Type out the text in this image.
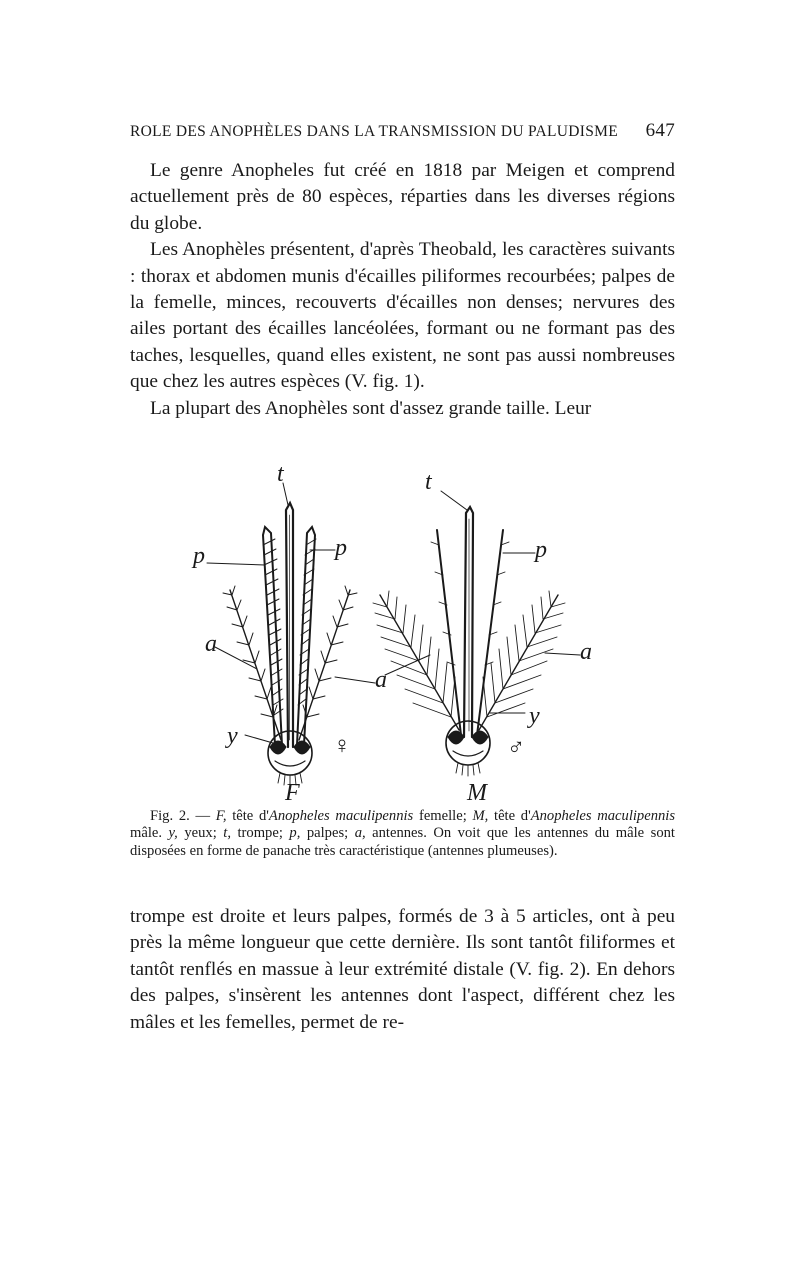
ROLE DES ANOPHÈLES DANS LA TRANSMISSION DU PALUDISME 647

Le genre Anopheles fut créé en 1818 par Meigen et comprend actuellement près de 80 espèces, réparties dans les diverses régions du globe.

Les Anophèles présentent, d'après Theobald, les caractères suivants : thorax et abdomen munis d'écailles piliformes recourbées; palpes de la femelle, minces, recouverts d'écailles non denses; nervures des ailes portant des écailles lancéolées, formant ou ne formant pas des taches, lesquelles, quand elles existent, ne sont pas aussi nombreuses que chez les autres espèces (V. fig. 1).

La plupart des Anophèles sont d'assez grande taille. Leur

t
p	p
a
a
y	♀
F
t
p
a
y
♂
M

Fig. 2. — F, tête d'Anopheles maculipennis femelle; M, tête d'Anopheles maculipennis mâle. y, yeux; t, trompe; p, palpes; a, antennes. On voit que les antennes du mâle sont disposées en forme de panache très caractéristique (antennes plumeuses).

trompe est droite et leurs palpes, formés de 3 à 5 articles, ont à peu près la même longueur que cette dernière. Ils sont tantôt filiformes et tantôt renflés en massue à leur extrémité distale (V. fig. 2). En dehors des palpes, s'insèrent les antennes dont l'aspect, différent chez les mâles et les femelles, permet de re-
